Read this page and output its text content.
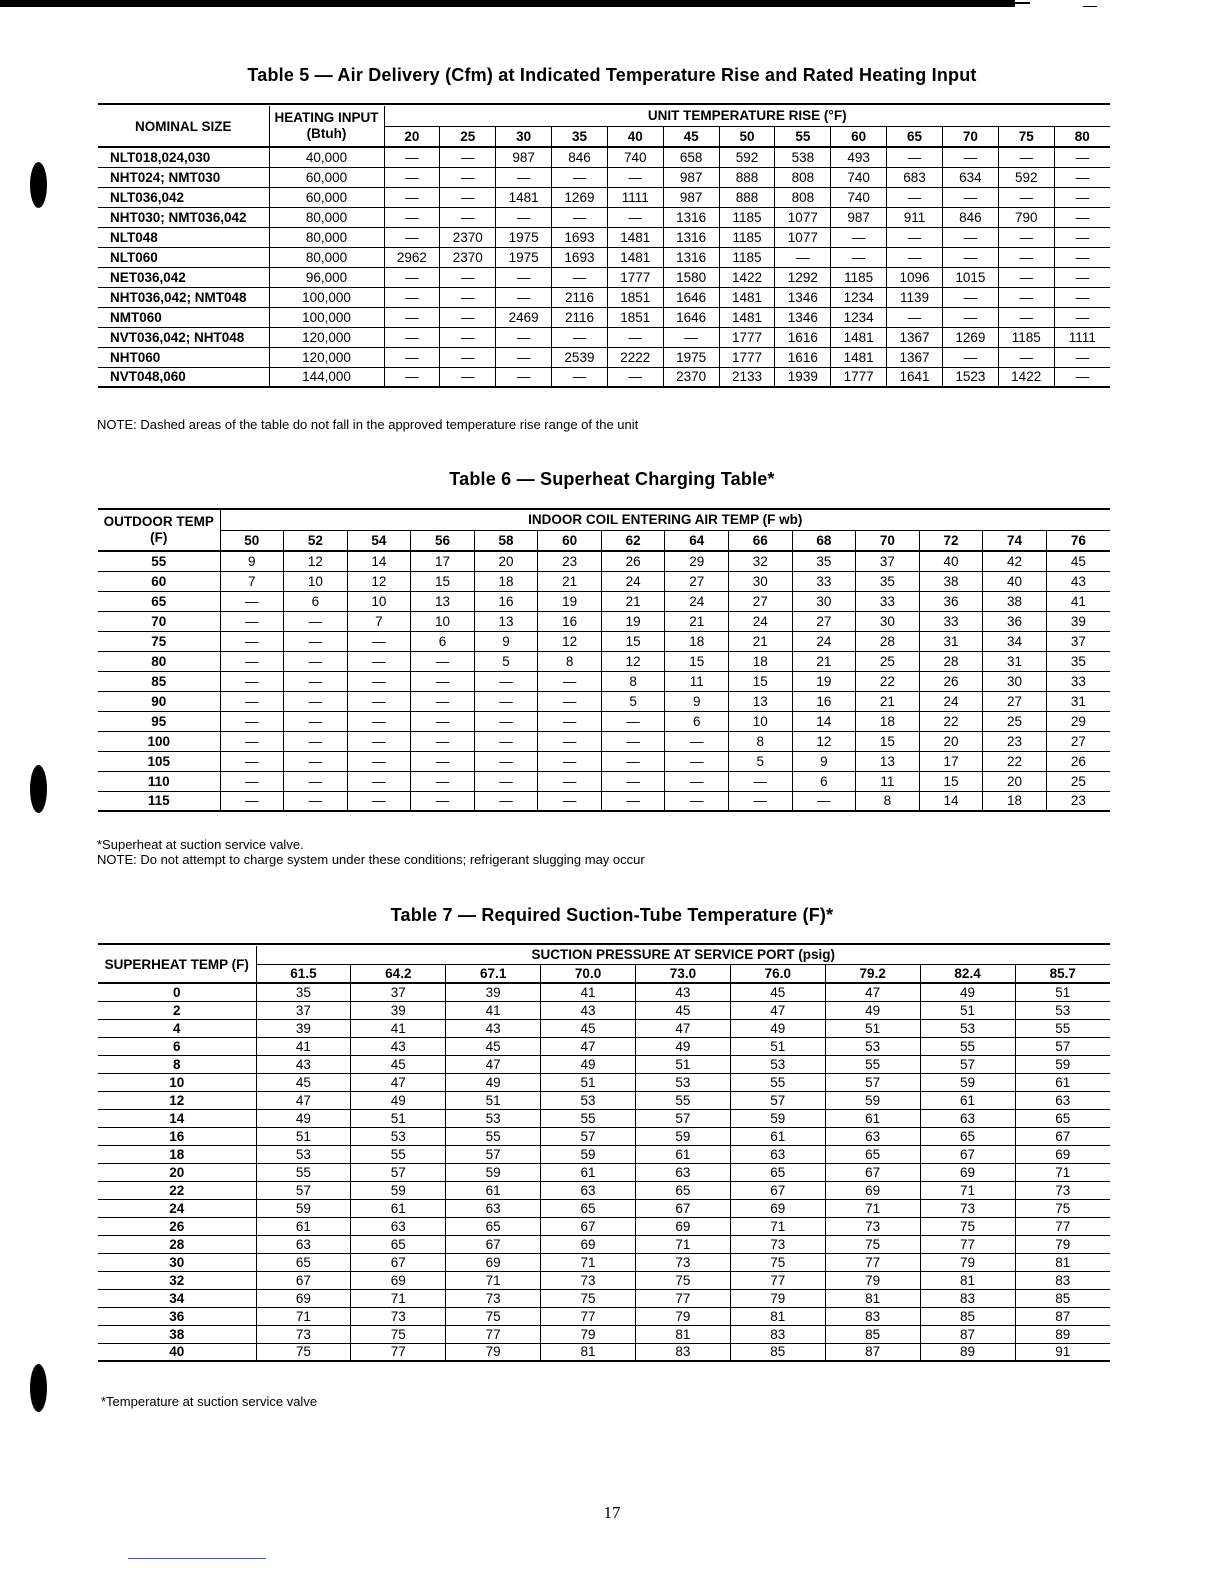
Table 5 — Air Delivery (Cfm) at Indicated Temperature Rise and Rated Heating Input
NOMINAL SIZE	HEATING INPUT (Btuh)	UNIT TEMPERATURE RISE (°F)												
		20	25	30	35	40	45	50	55	60	65	70	75	80
NLT018,024,030	40,000	—	—	987	846	740	658	592	538	493	—	—	—	—
NHT024; NMT030	60,000	—	—	—	—	—	987	888	808	740	683	634	592	—
NLT036,042	60,000	—	—	1481	1269	1111	987	888	808	740	—	—	—	—
NHT030; NMT036,042	80,000	—	—	—	—	—	1316	1185	1077	987	911	846	790	—
NLT048	80,000	—	2370	1975	1693	1481	1316	1185	1077	—	—	—	—	—
NLT060	80,000	2962	2370	1975	1693	1481	1316	1185	—	—	—	—	—	—
NET036,042	96,000	—	—	—	—	1777	1580	1422	1292	1185	1096	1015	—	—
NHT036,042; NMT048	100,000	—	—	—	2116	1851	1646	1481	1346	1234	1139	—	—	—
NMT060	100,000	—	—	2469	2116	1851	1646	1481	1346	1234	—	—	—	—
NVT036,042; NHT048	120,000	—	—	—	—	—	—	1777	1616	1481	1367	1269	1185	1111
NHT060	120,000	—	—	—	2539	2222	1975	1777	1616	1481	1367	—	—	—
NVT048,060	144,000	—	—	—	—	—	2370	2133	1939	1777	1641	1523	1422	—
NOTE: Dashed areas of the table do not fall in the approved temperature rise range of the unit
Table 6 — Superheat Charging Table*
OUTDOOR TEMP (F)	INDOOR COIL ENTERING AIR TEMP (F wb)													
	50	52	54	56	58	60	62	64	66	68	70	72	74	76
55	9	12	14	17	20	23	26	29	32	35	37	40	42	45
60	7	10	12	15	18	21	24	27	30	33	35	38	40	43
65	—	6	10	13	16	19	21	24	27	30	33	36	38	41
70	—	—	7	10	13	16	19	21	24	27	30	33	36	39
75	—	—	—	6	9	12	15	18	21	24	28	31	34	37
80	—	—	—	—	5	8	12	15	18	21	25	28	31	35
85	—	—	—	—	—	—	8	11	15	19	22	26	30	33
90	—	—	—	—	—	—	5	9	13	16	21	24	27	31
95	—	—	—	—	—	—	—	6	10	14	18	22	25	29
100	—	—	—	—	—	—	—	—	8	12	15	20	23	27
105	—	—	—	—	—	—	—	—	5	9	13	17	22	26
110	—	—	—	—	—	—	—	—	—	6	11	15	20	25
115	—	—	—	—	—	—	—	—	—	—	8	14	18	23
*Superheat at suction service valve.
NOTE: Do not attempt to charge system under these conditions; refrigerant slugging may occur
Table 7 — Required Suction-Tube Temperature (F)*
SUPERHEAT TEMP (F)	SUCTION PRESSURE AT SERVICE PORT (psig)								
	61.5	64.2	67.1	70.0	73.0	76.0	79.2	82.4	85.7
0	35	37	39	41	43	45	47	49	51
2	37	39	41	43	45	47	49	51	53
4	39	41	43	45	47	49	51	53	55
6	41	43	45	47	49	51	53	55	57
8	43	45	47	49	51	53	55	57	59
10	45	47	49	51	53	55	57	59	61
12	47	49	51	53	55	57	59	61	63
14	49	51	53	55	57	59	61	63	65
16	51	53	55	57	59	61	63	65	67
18	53	55	57	59	61	63	65	67	69
20	55	57	59	61	63	65	67	69	71
22	57	59	61	63	65	67	69	71	73
24	59	61	63	65	67	69	71	73	75
26	61	63	65	67	69	71	73	75	77
28	63	65	67	69	71	73	75	77	79
30	65	67	69	71	73	75	77	79	81
32	67	69	71	73	75	77	79	81	83
34	69	71	73	75	77	79	81	83	85
36	71	73	75	77	79	81	83	85	87
38	73	75	77	79	81	83	85	87	89
40	75	77	79	81	83	85	87	89	91
*Temperature at suction service valve
17
